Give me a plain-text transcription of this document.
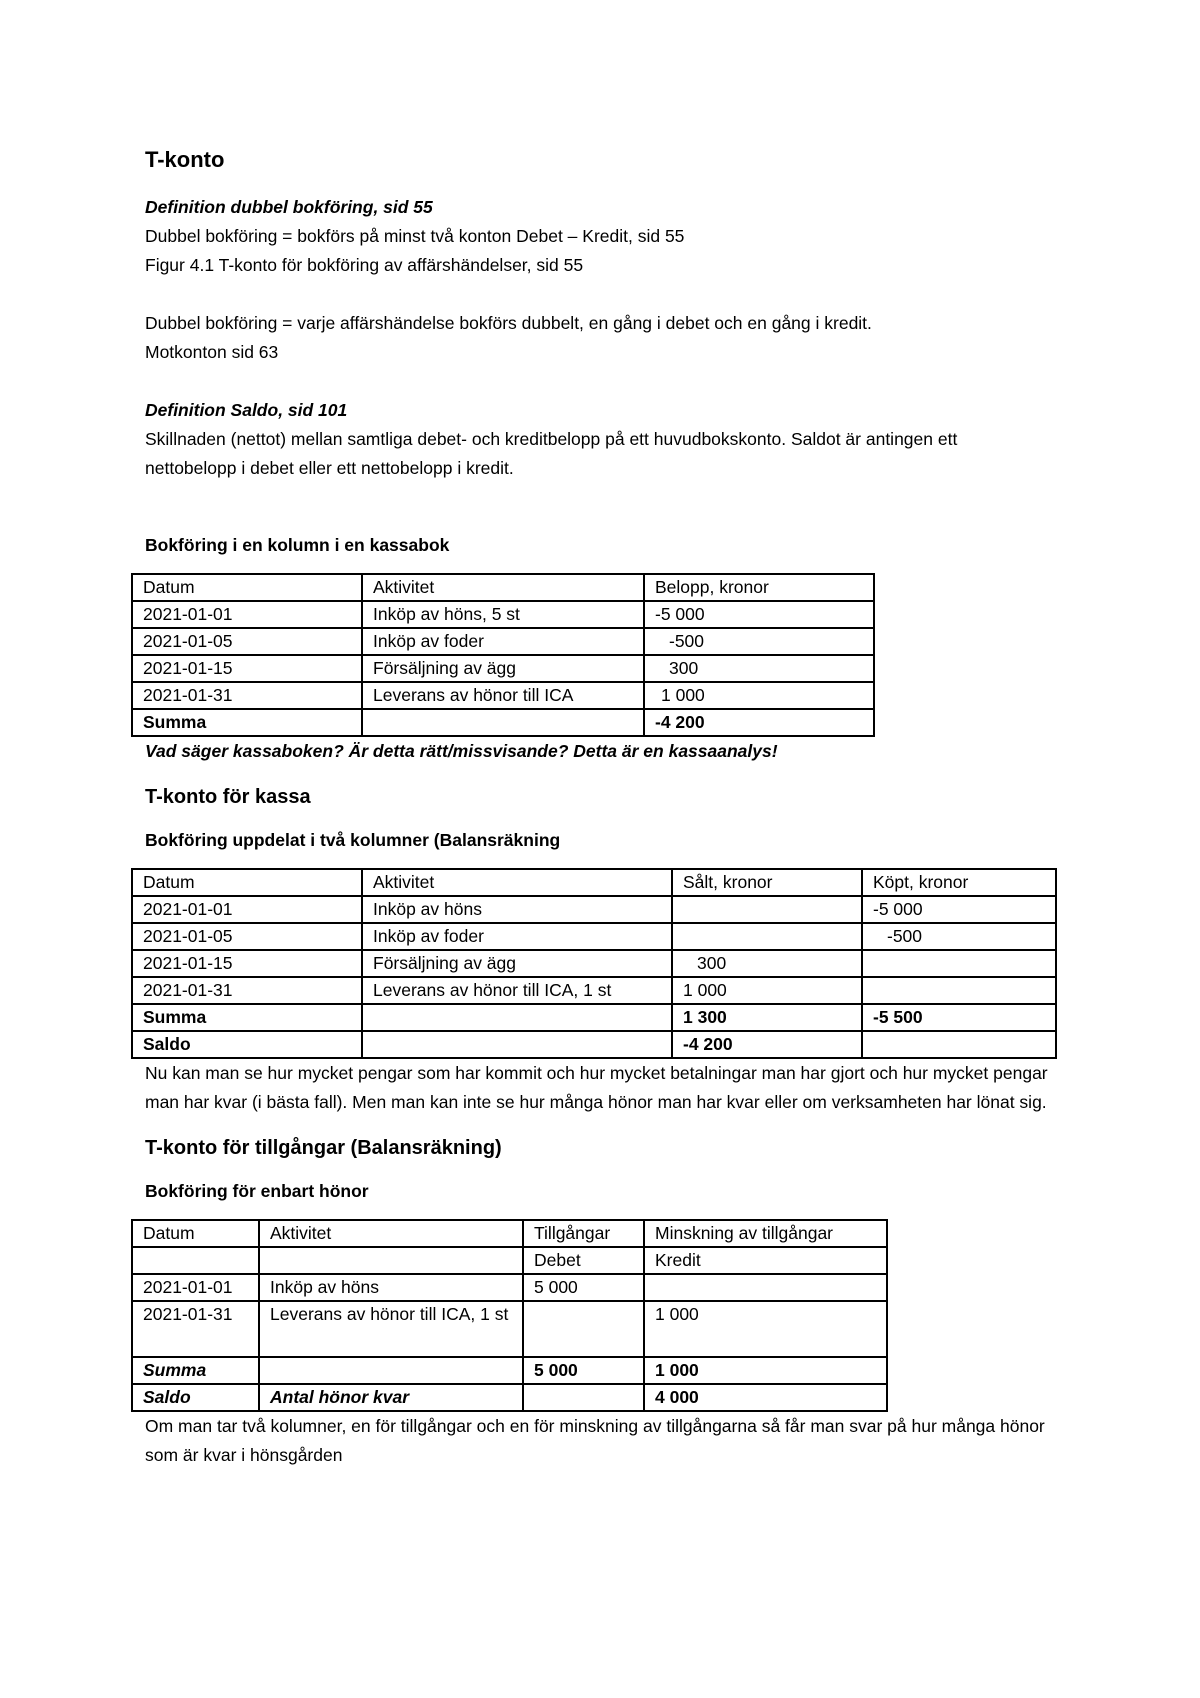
T-konto

Definition dubbel bokföring, sid 55

Dubbel bokföring = bokförs på minst två konton Debet – Kredit, sid 55

Figur 4.1 T-konto för bokföring av affärshändelser, sid 55

Dubbel bokföring = varje affärshändelse bokförs dubbelt, en gång i debet och en gång i kredit.

Motkonton sid 63

Definition Saldo, sid 101

Skillnaden (nettot) mellan samtliga debet- och kreditbelopp på ett huvudbokskonto. Saldot är antingen ett nettobelopp i debet eller ett nettobelopp i kredit.

Bokföring i en kolumn i en kassabok

Datum	Aktivitet	Belopp, kronor
2021-01-01	Inköp av höns, 5 st	-5 000
2021-01-05	Inköp av foder	-500
2021-01-15	Försäljning av ägg	300
2021-01-31	Leverans av hönor till ICA	1 000
Summa		-4 200

Vad säger kassaboken? Är detta rätt/missvisande? Detta är en kassaanalys!

T-konto för kassa

Bokföring uppdelat i två kolumner (Balansräkning

Datum	Aktivitet	Sålt, kronor	Köpt, kronor
2021-01-01	Inköp av höns		-5 000
2021-01-05	Inköp av foder		-500
2021-01-15	Försäljning av ägg	300	
2021-01-31	Leverans av hönor till ICA, 1 st	1 000	
Summa		1 300	-5 500
Saldo		-4 200	

Nu kan man se hur mycket pengar som har kommit och hur mycket betalningar man har gjort och hur mycket pengar man har kvar (i bästa fall). Men man kan inte se hur många hönor man har kvar eller om verksamheten har lönat sig.

T-konto för tillgångar (Balansräkning)

Bokföring för enbart hönor

Datum	Aktivitet	Tillgångar	Minskning av tillgångar
		Debet	Kredit
2021-01-01	Inköp av höns	5 000	
2021-01-31	Leverans av hönor till ICA, 1 st		1 000
Summa		5 000	1 000
Saldo	Antal hönor kvar		4 000

Om man tar två kolumner, en för tillgångar och en för minskning av tillgångarna så får man svar på hur många hönor som är kvar i hönsgården
